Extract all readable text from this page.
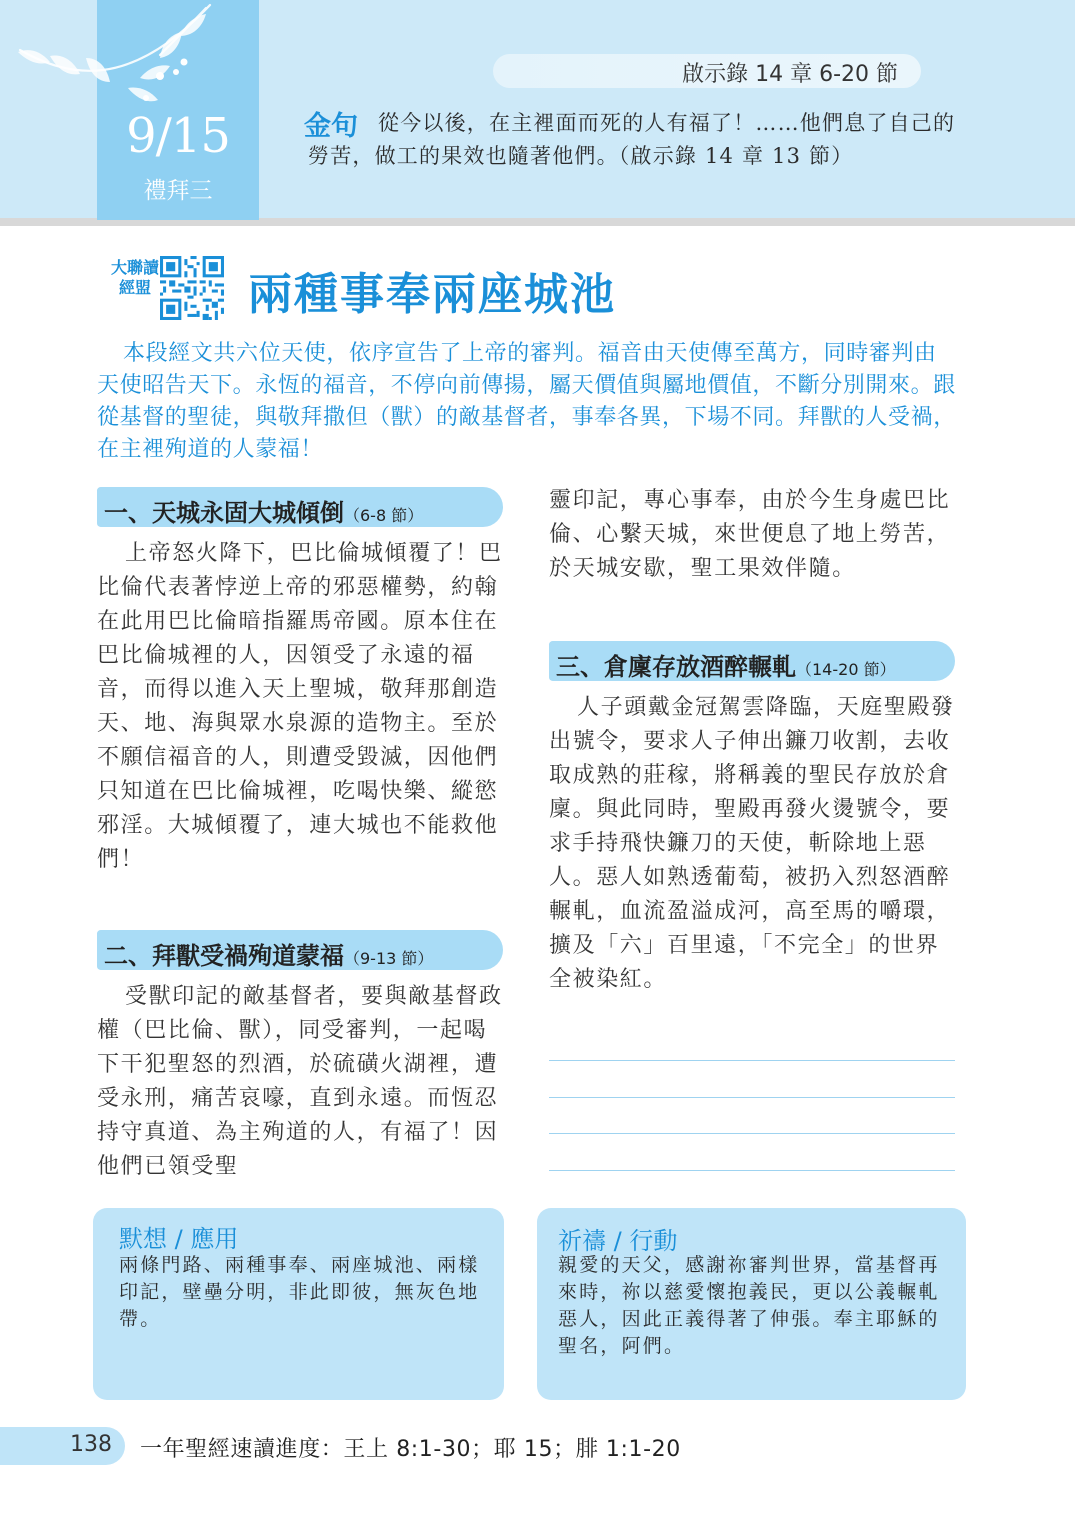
9/15
禮拜三
啟示錄 14 章 6-20 節
金句 從今以後，在主裡面而死的人有福了！……他們息了自己的勞苦，做工的果效也隨著他們。（啟示錄 14 章 13 節）
大聯讀經盟 兩種事奉兩座城池
本段經文共六位天使，依序宣告了上帝的審判。福音由天使傳至萬方，同時審判由天使昭告天下。永恆的福音，不停向前傳揚，屬天價值與屬地價值，不斷分別開來。跟從基督的聖徒，與敬拜撒但（獸）的敵基督者，事奉各異，下場不同。拜獸的人受禍，在主裡殉道的人蒙福！
一、天城永固大城傾倒（6-8 節）
上帝怒火降下，巴比倫城傾覆了！巴比倫代表著悖逆上帝的邪惡權勢，約翰在此用巴比倫暗指羅馬帝國。原本住在巴比倫城裡的人，因領受了永遠的福音，而得以進入天上聖城，敬拜那創造天、地、海與眾水泉源的造物主。至於不願信福音的人，則遭受毀滅，因他們只知道在巴比倫城裡，吃喝快樂、縱慾邪淫。大城傾覆了，連大城也不能救他們！
二、拜獸受禍殉道蒙福（9-13 節）
受獸印記的敵基督者，要與敵基督政權（巴比倫、獸），同受審判，一起喝下干犯聖怒的烈酒，於硫磺火湖裡，遭受永刑，痛苦哀嚎，直到永遠。而恆忍持守真道、為主殉道的人，有福了！因他們已領受聖
靈印記，專心事奉，由於今生身處巴比倫、心繫天城，來世便息了地上勞苦，於天城安歇，聖工果效伴隨。
三、倉廩存放酒醉輾軋（14-20 節）
人子頭戴金冠駕雲降臨，天庭聖殿發出號令，要求人子伸出鐮刀收割，去收取成熟的莊稼，將稱義的聖民存放於倉廩。與此同時，聖殿再發火燙號令，要求手持飛快鐮刀的天使，斬除地上惡人。惡人如熟透葡萄，被扔入烈怒酒醉輾軋，血流盈溢成河，高至馬的嚼環，擴及「六」百里遠，「不完全」的世界全被染紅。
默想 / 應用
兩條門路、兩種事奉、兩座城池、兩樣印記，壁壘分明，非此即彼，無灰色地帶。
祈禱 / 行動
親愛的天父，感謝祢審判世界，當基督再來時，祢以慈愛懷抱義民，更以公義輾軋惡人，因此正義得著了伸張。奉主耶穌的聖名，阿們。
138 一年聖經速讀進度：王上 8:1-30；耶 15；腓 1:1-20
